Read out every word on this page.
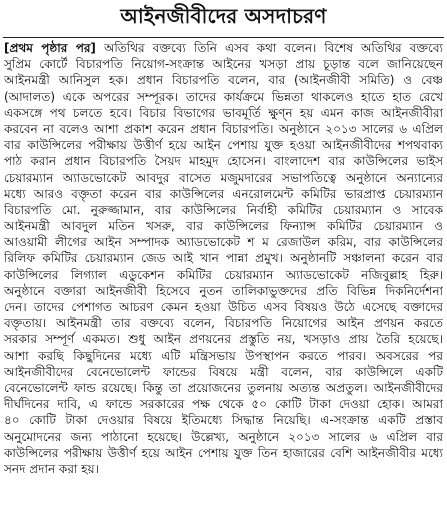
আইনজীবীদের অসদাচরণ
[প্রথম পৃষ্ঠার পর] অতিথির বক্তব্যে তিনি এসব কথা বলেন। বিশেষ অতিথির বক্তব্যে
সুপ্রিম কোর্টে বিচারপতি নিয়োগ-সংক্রান্ত আইনের খসড়া প্রায় চূড়ান্ত বলে জানিয়েছেন
আইনমন্ত্রী আনিসুল হক। প্রধান বিচারপতি বলেন, বার (আইনজীবী সমিতি) ও বেঞ্চ
(আদালত) একে অপরের সম্পূরক। তাদের কার্যক্রমে ভিন্নতা থাকলেও হাতে হাত রেখে
একসঙ্গে পথ চলতে হবে। বিচার বিভাগের ভাবমূর্তি ক্ষুণ্ন হয় এমন কাজ আইনজীবীরা
করবেন না বলেও আশা প্রকাশ করেন প্রধান বিচারপতি। অনুষ্ঠানে ২০১৩ সালের ৬ এপ্রিল
বার কাউন্সিলের পরীক্ষায় উত্তীর্ণ হয়ে আইন পেশায় যুক্ত হওয়া আইনজীবীদের শপথবাক্য
পাঠ করান প্রধান বিচারপতি সৈয়দ মাহমুদ হোসেন। বাংলাদেশ বার কাউন্সিলের ভাইস
চেয়ারম্যান অ্যাডভোকেট আবদুর বাসেত মজুমদারের সভাপতিত্বে অনুষ্ঠানে অন্যান্যের
মধ্যে আরও বক্তৃতা করেন বার কাউন্সিলের এনরোলমেন্ট কমিটির ভারপ্রাপ্ত চেয়ারম্যান
বিচারপতি মো. নুরুজ্জামান, বার কাউন্সিলের নির্বাহী কমিটির চেয়ারম্যান ও সাবেক
আইনমন্ত্রী আবদুল মতিন খসরু, বার কাউন্সিলের ফিন্যান্স কমিটির চেয়ারম্যান ও
আওয়ামী লীগের আইন সম্পাদক অ্যাডভোকেট শ ম রেজাউল করিম, বার কাউন্সিলের
রিলিফ কমিটির চেয়ারম্যান জেড আই খান পান্না প্রমুখ। অনুষ্ঠানটি সঞ্চালনা করেন বার
কাউন্সিলের লিগ্যাল এডুকেশন কমিটির চেয়ারম্যান অ্যাডভোকেট নজিবুল্লাহ হিরু।
অনুষ্ঠানে বক্তারা আইনজীবী হিসেবে নুতন তালিকাভুক্তদের প্রতি বিভিন্ন দিকনির্দেশনা
দেন। তাদের পেশাগত আচরণ কেমন হওয়া উচিত এসব বিষয়ও উঠে এসেছে বক্তাদের
বক্তৃতায়। আইনমন্ত্রী তার বক্তব্যে বলেন, বিচারপতি নিয়োগের আইন প্রণয়ন করতে
সরকার সম্পূর্ণ একমত। শুধু আইন প্রণয়নের প্রস্তুতি নয়, খসড়াও প্রায় তৈরি হয়েছে।
আশা করছি কিছুদিনের মধ্যে এটি মন্ত্রিসভায় উপস্থাপন করতে পারব। অবসরের পর
আইনজীবীদের বেনেভোলেন্ট ফান্ডের বিষয়ে মন্ত্রী বলেন, বার কাউন্সিলে একটি
বেনেভোলেন্ট ফান্ড রয়েছে। কিন্তু তা প্রয়োজনের তুলনায় অত্যন্ত অপ্রতুল। আইনজীবীদের
দীর্ঘদিনের দাবি, এ ফান্ডে সরকারের পক্ষ থেকে ৫০ কোটি টাকা দেওয়া হোক। আমরা
৪০ কোটি টাকা দেওয়ার বিষয়ে ইতিমধ্যে সিদ্ধান্ত নিয়েছি। এ-সংক্রান্ত একটি প্রস্তাব
অনুমোদনের জন্য পাঠানো হয়েছে। উল্লেখ্য, অনুষ্ঠানে ২০১৩ সালের ৬ এপ্রিল বার
কাউন্সিলের পরীক্ষায় উত্তীর্ণ হয়ে আইন পেশায় যুক্ত তিন হাজারের বেশি আইনজীবীর মধ্যে
সনদ প্রদান করা হয়।
